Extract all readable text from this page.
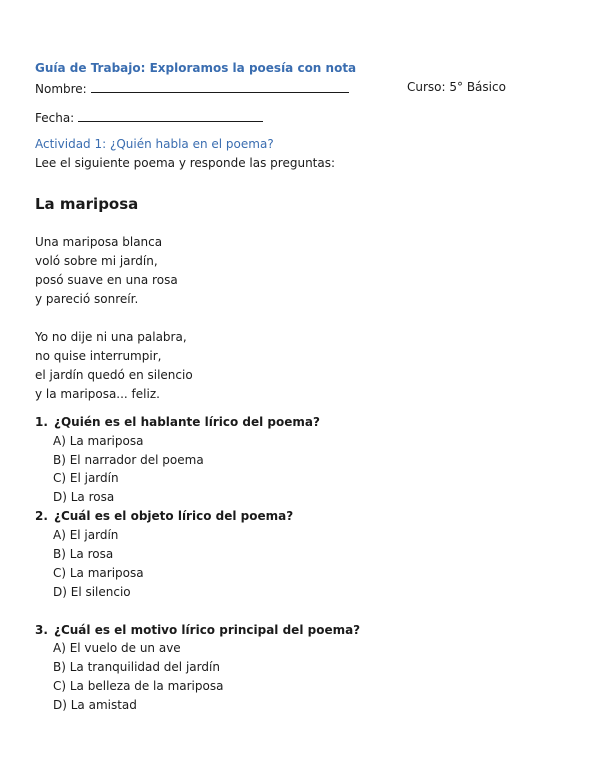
Guía de Trabajo: Exploramos la poesía con nota
Nombre:	Curso: 5° Básico
Fecha:
Actividad 1: ¿Quién habla en el poema?
Lee el siguiente poema y responde las preguntas:
La mariposa
Una mariposa blanca
voló sobre mi jardín,
posó suave en una rosa
y pareció sonreír.
Yo no dije ni una palabra,
no quise interrumpir,
el jardín quedó en silencio
y la mariposa... feliz.
1. ¿Quién es el hablante lírico del poema?
A) La mariposa
B) El narrador del poema
C) El jardín
D) La rosa
2. ¿Cuál es el objeto lírico del poema?
A) El jardín
B) La rosa
C) La mariposa
D) El silencio
3. ¿Cuál es el motivo lírico principal del poema?
A) El vuelo de un ave
B) La tranquilidad del jardín
C) La belleza de la mariposa
D) La amistad
